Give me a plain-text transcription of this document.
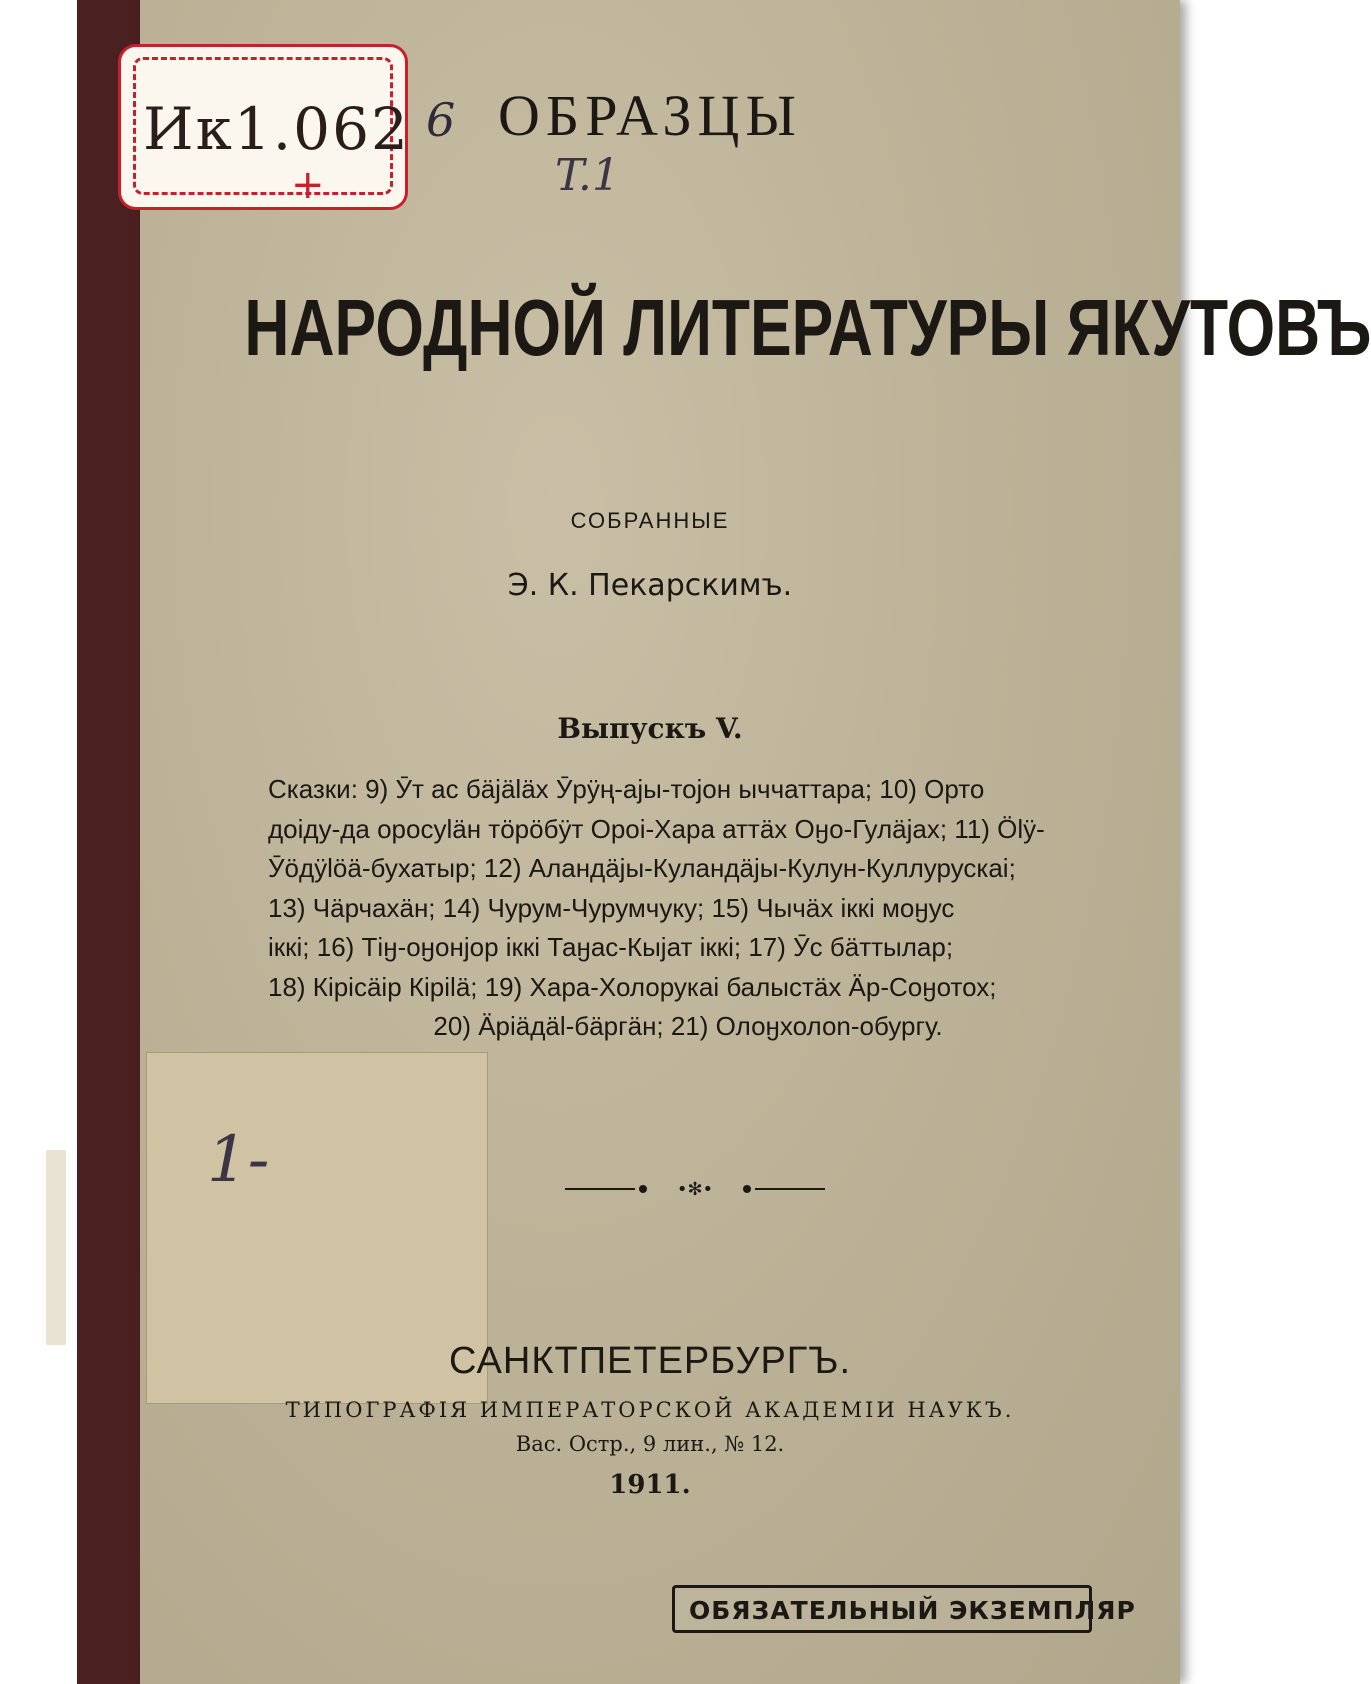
Ик1.062 6
+	T.1
ОБРАЗЦЫ
НАРОДНОЙ ЛИТЕРАТУРЫ ЯКУТОВЪ
СОБРАННЫЕ
Э. К. Пекарскимъ.
Выпускъ V.
Сказки: 9) Ӯт ас бäjäläх Ӯрӱң-ajы-тоjон ыччаттара; 10) Орто
доiду-да оросуläн тöрöбӱт Ороi-Хара аттäх Оӈо-Гулäjах; 11) Ölÿ-
Ӯöдÿlöä-бухатыр; 12) Аландäjы-Куландäjы-Кулун-Куллурускаi;
13) Чäрчахäн; 14) Чурум-Чурумчуку; 15) Чычäх iккi моӈус
iккi; 16) Тiӈ-оӈонjор iккi Таӈас-Кыjат iккi; 17) Ӯс бäттылар;
18) Кiрiсäiр Кiрilä; 19) Хара-Холорукаi балыстäх Äр-Соӈотох;
20) Äрiäдäl-бäргäн; 21) Олоӈхолоn-обургу.
•✻•
1-
САНКТПЕТЕРБУРГЪ.
ТИПОГРАФІЯ ИМПЕРАТОРСКОЙ АКАДЕМІИ НАУКЪ.
Вас. Остр., 9 лин., № 12.
1911.
ОБЯЗАТЕЛЬНЫЙ ЭКЗЕМПЛЯР
